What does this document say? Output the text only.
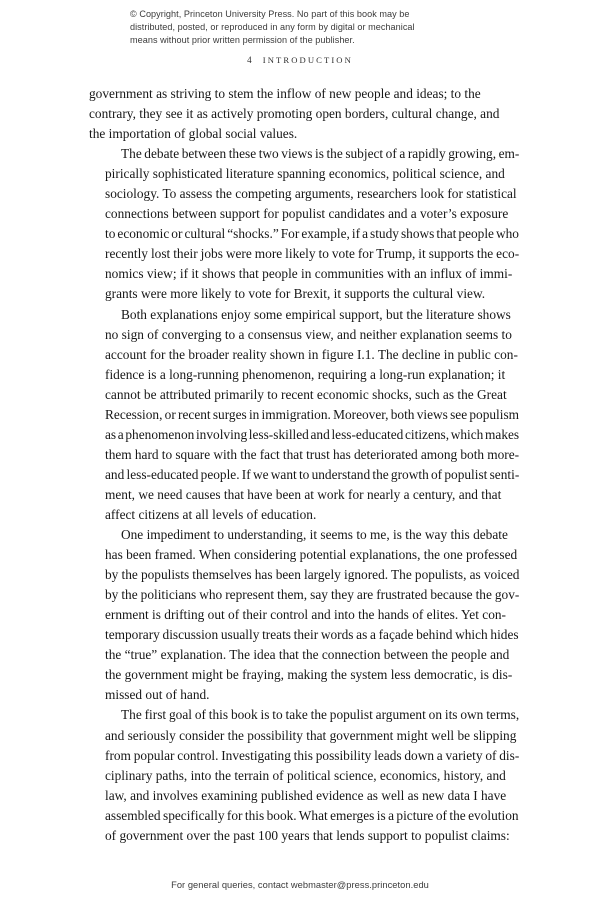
© Copyright, Princeton University Press. No part of this book may be
distributed, posted, or reproduced in any form by digital or mechanical
means without prior written permission of the publisher.
4 INTRODUCTION

government as striving to stem the inflow of new people and ideas; to the
contrary, they see it as actively promoting open borders, cultural change, and
the importation of global social values.

The debate between these two views is the subject of a rapidly growing, em-
pirically sophisticated literature spanning economics, political science, and
sociology. To assess the competing arguments, researchers look for statistical
connections between support for populist candidates and a voter’s exposure
to economic or cultural “shocks.” For example, if a study shows that people who
recently lost their jobs were more likely to vote for Trump, it supports the eco-
nomics view; if it shows that people in communities with an influx of immi-
grants were more likely to vote for Brexit, it supports the cultural view.

Both explanations enjoy some empirical support, but the literature shows
no sign of converging to a consensus view, and neither explanation seems to
account for the broader reality shown in figure I.1. The decline in public con-
fidence is a long-running phenomenon, requiring a long-run explanation; it
cannot be attributed primarily to recent economic shocks, such as the Great
Recession, or recent surges in immigration. Moreover, both views see populism
as a phenomenon involving less-skilled and less-educated citizens, which makes
them hard to square with the fact that trust has deteriorated among both more-
and less-educated people. If we want to understand the growth of populist senti-
ment, we need causes that have been at work for nearly a century, and that
affect citizens at all levels of education.

One impediment to understanding, it seems to me, is the way this debate
has been framed. When considering potential explanations, the one professed
by the populists themselves has been largely ignored. The populists, as voiced
by the politicians who represent them, say they are frustrated because the gov-
ernment is drifting out of their control and into the hands of elites. Yet con-
temporary discussion usually treats their words as a façade behind which hides
the “true” explanation. The idea that the connection between the people and
the government might be fraying, making the system less democratic, is dis-
missed out of hand.

The first goal of this book is to take the populist argument on its own terms,
and seriously consider the possibility that government might well be slipping
from popular control. Investigating this possibility leads down a variety of dis-
ciplinary paths, into the terrain of political science, economics, history, and
law, and involves examining published evidence as well as new data I have
assembled specifically for this book. What emerges is a picture of the evolution
of government over the past 100 years that lends support to populist claims:

For general queries, contact webmaster@press.princeton.edu
